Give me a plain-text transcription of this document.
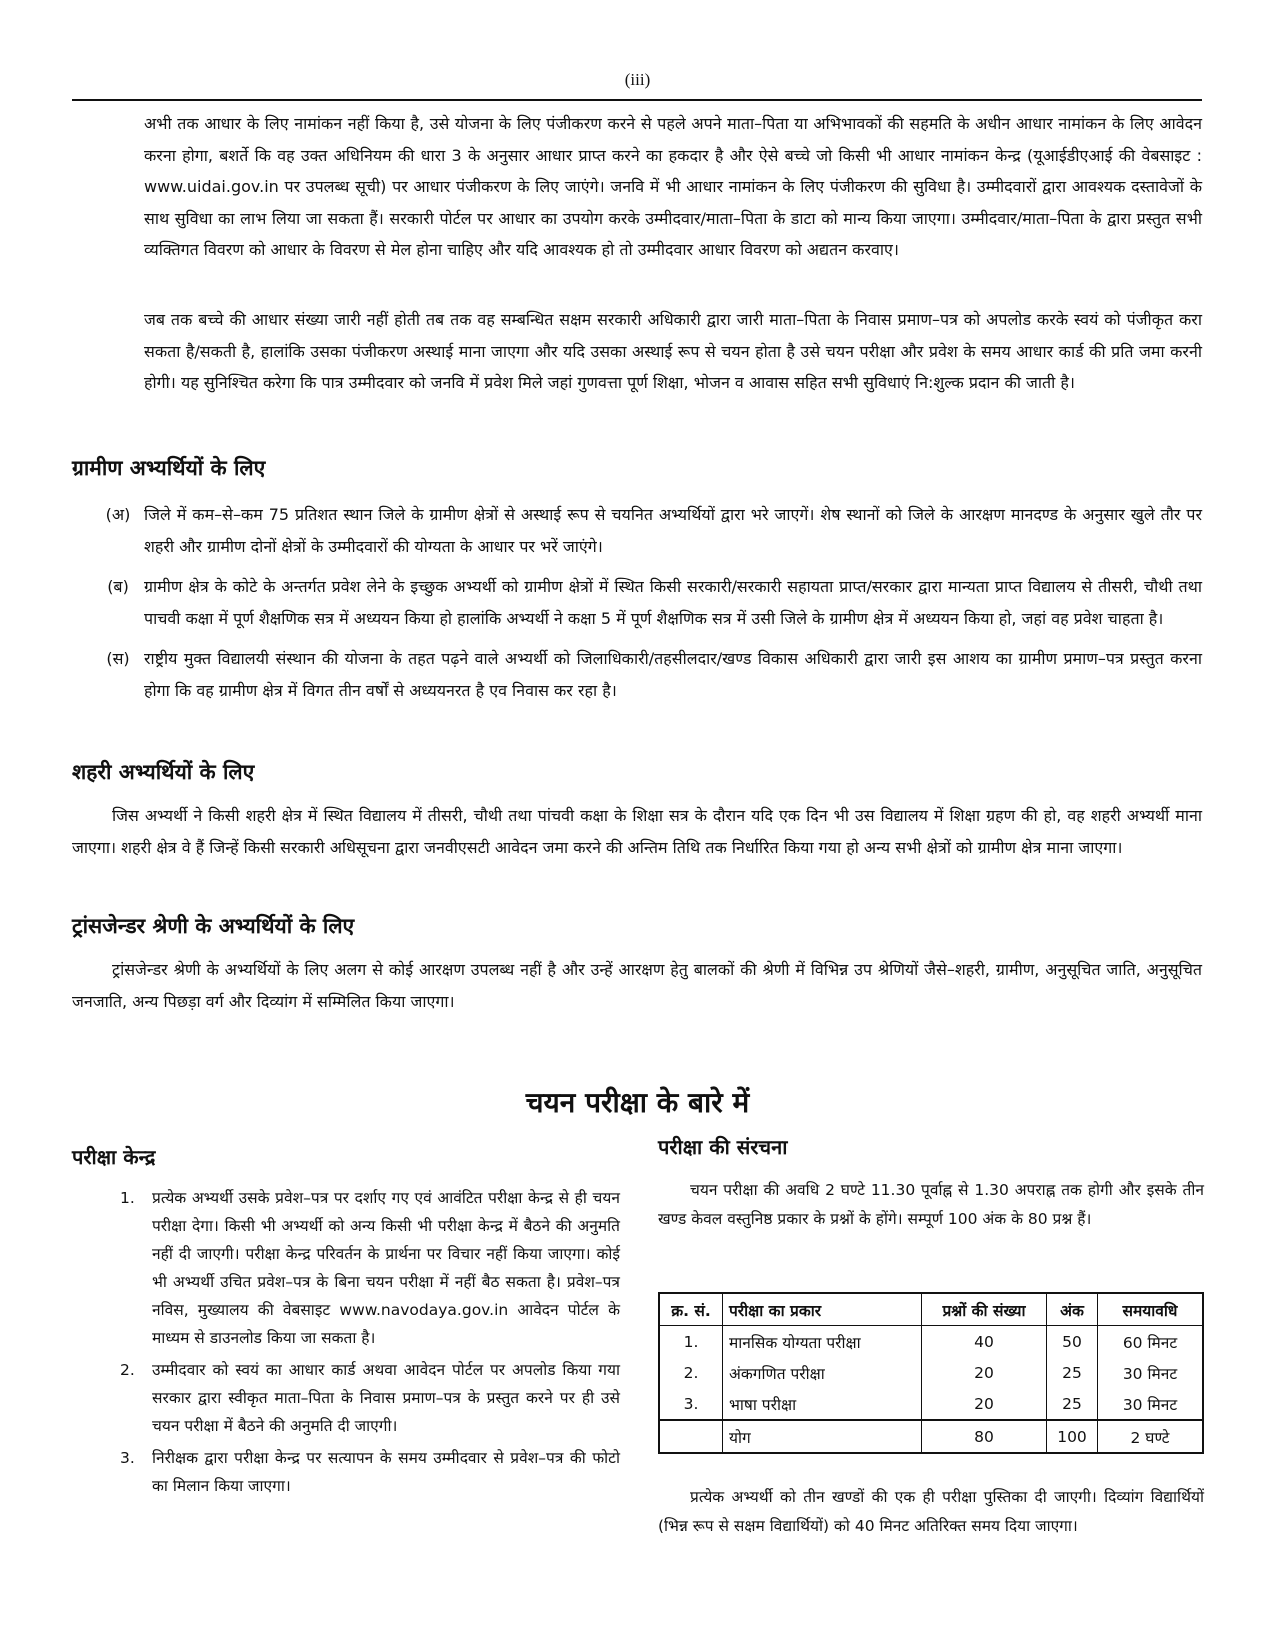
(iii)

अभी तक आधार के लिए नामांकन नहीं किया है, उसे योजना के लिए पंजीकरण करने से पहले अपने माता–पिता या अभिभावकों की सहमति के अधीन आधार नामांकन के लिए आवेदन करना होगा, बशर्ते कि वह उक्त अधिनियम की धारा 3 के अनुसार आधार प्राप्त करने का हकदार है और ऐसे बच्चे जो किसी भी आधार नामांकन केन्द्र (यूआईडीएआई की वेबसाइट : www.uidai.gov.in पर उपलब्ध सूची) पर आधार पंजीकरण के लिए जाएंगे। जनवि में भी आधार नामांकन के लिए पंजीकरण की सुविधा है। उम्मीदवारों द्वारा आवश्यक दस्तावेजों के साथ सुविधा का लाभ लिया जा सकता हैं। सरकारी पोर्टल पर आधार का उपयोग करके उम्मीदवार/माता–पिता के डाटा को मान्य किया जाएगा। उम्मीदवार/माता–पिता के द्वारा प्रस्तुत सभी व्यक्तिगत विवरण को आधार के विवरण से मेल होना चाहिए और यदि आवश्यक हो तो उम्मीदवार आधार विवरण को अद्यतन करवाए।

जब तक बच्चे की आधार संख्या जारी नहीं होती तब तक वह सम्बन्धित सक्षम सरकारी अधिकारी द्वारा जारी माता–पिता के निवास प्रमाण–पत्र को अपलोड करके स्वयं को पंजीकृत करा सकता है/सकती है, हालांकि उसका पंजीकरण अस्थाई माना जाएगा और यदि उसका अस्थाई रूप से चयन होता है उसे चयन परीक्षा और प्रवेश के समय आधार कार्ड की प्रति जमा करनी होगी। यह सुनिश्चित करेगा कि पात्र उम्मीदवार को जनवि में प्रवेश मिले जहां गुणवत्ता पूर्ण शिक्षा, भोजन व आवास सहित सभी सुविधाएं नि:शुल्क प्रदान की जाती है।

ग्रामीण अभ्यर्थियों के लिए
(अ) जिले में कम–से–कम 75 प्रतिशत स्थान जिले के ग्रामीण क्षेत्रों से अस्थाई रूप से चयनित अभ्यर्थियों द्वारा भरे जाएगें। शेष स्थानों को जिले के आरक्षण मानदण्ड के अनुसार खुले तौर पर शहरी और ग्रामीण दोनों क्षेत्रों के उम्मीदवारों की योग्यता के आधार पर भरें जाएंगे।
(ब) ग्रामीण क्षेत्र के कोटे के अन्तर्गत प्रवेश लेने के इच्छुक अभ्यर्थी को ग्रामीण क्षेत्रों में स्थित किसी सरकारी/सरकारी सहायता प्राप्त/सरकार द्वारा मान्यता प्राप्त विद्यालय से तीसरी, चौथी तथा पाचवी कक्षा में पूर्ण शैक्षणिक सत्र में अध्ययन किया हो हालांकि अभ्यर्थी ने कक्षा 5 में पूर्ण शैक्षणिक सत्र में उसी जिले के ग्रामीण क्षेत्र में अध्ययन किया हो, जहां वह प्रवेश चाहता है।
(स) राष्ट्रीय मुक्त विद्यालयी संस्थान की योजना के तहत पढ़ने वाले अभ्यर्थी को जिलाधिकारी/तहसीलदार/खण्ड विकास अधिकारी द्वारा जारी इस आशय का ग्रामीण प्रमाण–पत्र प्रस्तुत करना होगा कि वह ग्रामीण क्षेत्र में विगत तीन वर्षों से अध्ययनरत है एव निवास कर रहा है।
शहरी अभ्यर्थियों के लिए

जिस अभ्यर्थी ने किसी शहरी क्षेत्र में स्थित विद्यालय में तीसरी, चौथी तथा पांचवी कक्षा के शिक्षा सत्र के दौरान यदि एक दिन भी उस विद्यालय में शिक्षा ग्रहण की हो, वह शहरी अभ्यर्थी माना जाएगा। शहरी क्षेत्र वे हैं जिन्हें किसी सरकारी अधिसूचना द्वारा जनवीएसटी आवेदन जमा करने की अन्तिम तिथि तक निर्धारित किया गया हो अन्य सभी क्षेत्रों को ग्रामीण क्षेत्र माना जाएगा।

ट्रांसजेन्डर श्रेणी के अभ्यर्थियों के लिए

ट्रांसजेन्डर श्रेणी के अभ्यर्थियों के लिए अलग से कोई आरक्षण उपलब्ध नहीं है और उन्हें आरक्षण हेतु बालकों की श्रेणी में विभिन्न उप श्रेणियों जैसे–शहरी, ग्रामीण, अनुसूचित जाति, अनुसूचित जनजाति, अन्य पिछड़ा वर्ग और दिव्यांग में सम्मिलित किया जाएगा।

चयन परीक्षा के बारे में
परीक्षा केन्द्र
1. प्रत्येक अभ्यर्थी उसके प्रवेश–पत्र पर दर्शाए गए एवं आवंटित परीक्षा केन्द्र से ही चयन परीक्षा देगा। किसी भी अभ्यर्थी को अन्य किसी भी परीक्षा केन्द्र में बैठने की अनुमति नहीं दी जाएगी। परीक्षा केन्द्र परिवर्तन के प्रार्थना पर विचार नहीं किया जाएगा। कोई भी अभ्यर्थी उचित प्रवेश–पत्र के बिना चयन परीक्षा में नहीं बैठ सकता है। प्रवेश–पत्र नविस, मुख्यालय की वेबसाइट www.navodaya.gov.in आवेदन पोर्टल के माध्यम से डाउनलोड किया जा सकता है।
2. उम्मीदवार को स्वयं का आधार कार्ड अथवा आवेदन पोर्टल पर अपलोड किया गया सरकार द्वारा स्वीकृत माता–पिता के निवास प्रमाण–पत्र के प्रस्तुत करने पर ही उसे चयन परीक्षा में बैठने की अनुमति दी जाएगी।
3. निरीक्षक द्वारा परीक्षा केन्द्र पर सत्यापन के समय उम्मीदवार से प्रवेश–पत्र की फोटो का मिलान किया जाएगा।
परीक्षा की संरचना

चयन परीक्षा की अवधि 2 घण्टे 11.30 पूर्वाह्न से 1.30 अपराह्न तक होगी और इसके तीन खण्ड केवल वस्तुनिष्ठ प्रकार के प्रश्नों के होंगे। सम्पूर्ण 100 अंक के 80 प्रश्न हैं।

क्र. सं.	परीक्षा का प्रकार	प्रश्नों की संख्या	अंक	समयावधि
1.	मानसिक योग्यता परीक्षा	40	50	60 मिनट
2.	अंकगणित परीक्षा	20	25	30 मिनट
3.	भाषा परीक्षा	20	25	30 मिनट
	योग	80	100	2 घण्टे

प्रत्येक अभ्यर्थी को तीन खण्डों की एक ही परीक्षा पुस्तिका दी जाएगी। दिव्यांग विद्यार्थियों (भिन्न रूप से सक्षम विद्यार्थियों) को 40 मिनट अतिरिक्त समय दिया जाएगा।
